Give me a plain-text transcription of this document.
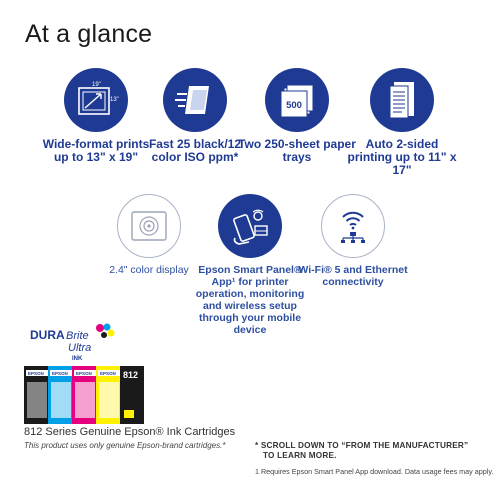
At a glance
19"
13"
Wide-format prints up to 13" x 19"
Fast 25 black/12 color ISO ppm*
500
Two 250-sheet paper trays
Auto 2-sided printing up to 11" x 17"
2.4" color display Epson Smart Panel® App¹ for printer operation, monitoring and wireless setup through your mobile device
Wi-Fi® 5 and Ethernet connectivity
DURA Brite
Ultra
INK
EPSON EPSON EPSON EPSON 812
812 Series Genuine Epson® Ink Cartridges
This product uses only genuine Epson-brand cartridges.*	* SCROLL DOWN TO “FROM THE MANUFACTURER”
TO LEARN MORE.
1 Requires Epson Smart Panel App download. Data usage fees may apply.
